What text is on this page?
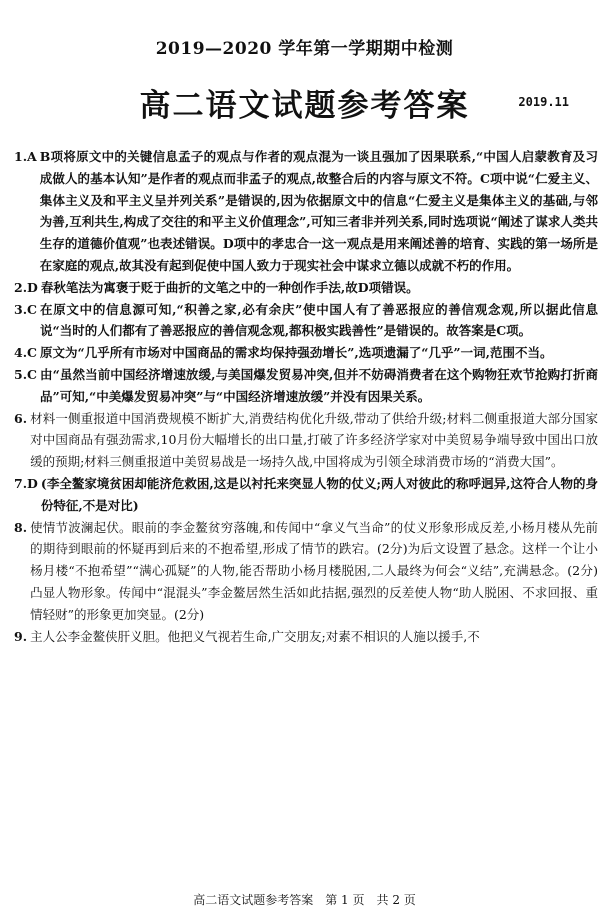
2019—2020 学年第一学期期中检测
高二语文试题参考答案	2019.11
1.A B项将原文中的关键信息孟子的观点与作者的观点混为一谈且强加了因果联系,“中国人启蒙教育及习成做人的基本认知”是作者的观点而非孟子的观点,故整合后的内容与原文不符。C项中说“仁爱主义、集体主义及和平主义呈并列关系”是错误的,因为依据原文中的信息“仁爱主义是集体主义的基础,与邻为善,互利共生,构成了交往的和平主义价值理念”,可知三者非并列关系,同时选项说“阐述了谋求人类共生存的道德价值观”也表述错误。D项中的孝忠合一这一观点是用来阐述善的培育、实践的第一场所是在家庭的观点,故其没有起到促使中国人致力于现实社会中谋求立德以成就不朽的作用。
2.D 春秋笔法为寓褒于贬于曲折的文笔之中的一种创作手法,故D项错误。
3.C 在原文中的信息源可知,“积善之家,必有余庆”使中国人有了善恶报应的善信观念观,所以据此信息说“当时的人们都有了善恶报应的善信观念观,都积极实践善性”是错误的。故答案是C项。
4.C 原文为“几乎所有市场对中国商品的需求均保持强劲增长”,选项遗漏了“几乎”一词,范围不当。
5.C 由“虽然当前中国经济增速放缓,与美国爆发贸易冲突,但并不妨碍消费者在这个购物狂欢节抢购打折商品”可知,“中美爆发贸易冲突”与“中国经济增速放缓”并没有因果关系。
6. 材料一侧重报道中国消费规模不断扩大,消费结构优化升级,带动了供给升级;材料二侧重报道大部分国家对中国商品有强劲需求,10月份大幅增长的出口量,打破了许多经济学家对中美贸易争端导致中国出口放缓的预期;材料三侧重报道中美贸易战是一场持久战,中国将成为引领全球消费市场的“消费大国”。
7.D (李全鳌家境贫困却能济危救困,这是以衬托来突显人物的仗义;两人对彼此的称呼迥异,这符合人物的身份特征,不是对比)
8. 使情节波澜起伏。眼前的李金鳌贫穷落魄,和传闻中“拿义气当命”的仗义形象形成反差,小杨月楼从先前的期待到眼前的怀疑再到后来的不抱希望,形成了情节的跌宕。(2分)为后文设置了悬念。这样一个让小杨月楼“不抱希望”“满心孤疑”的人物,能否帮助小杨月楼脱困,二人最终为何会“义结”,充满悬念。(2分)凸显人物形象。传闻中“混混头”李金鳌居然生活如此拮据,强烈的反差使人物“助人脱困、不求回报、重情轻财”的形象更加突显。(2分)
9. 主人公李金鳌侠肝义胆。他把义气视若生命,广交朋友;对素不相识的人施以援手,不
高二语文试题参考答案　第 1 页　共 2 页
